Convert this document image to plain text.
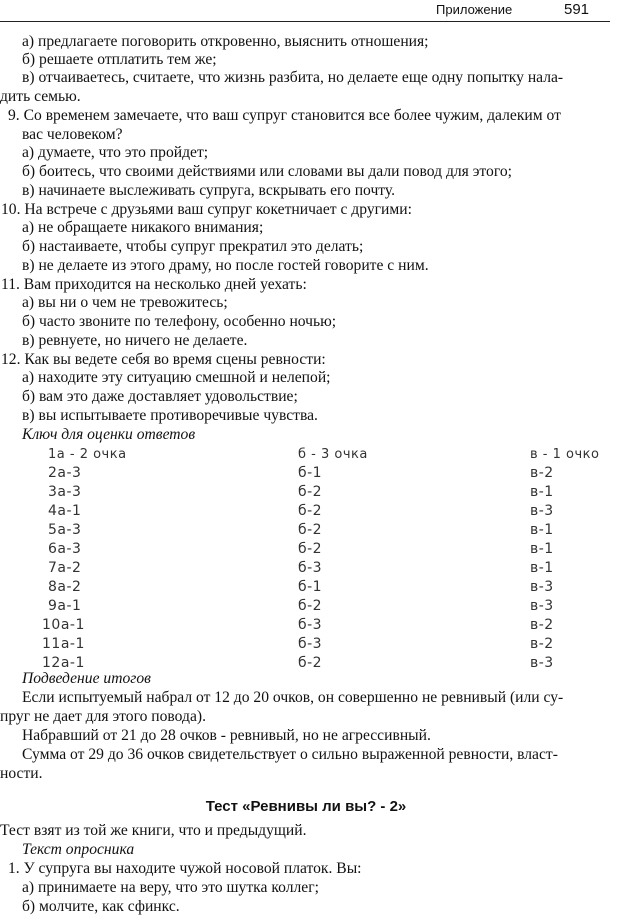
Приложение	591
а) предлагаете поговорить откровенно, выяснить отношения;
б) решаете отплатить тем же;
в) отчаиваетесь, считаете, что жизнь разбита, но делаете еще одну попытку нала-
дить семью.
9. Со временем замечаете, что ваш супруг становится все более чужим, далеким от
вас человеком?
а) думаете, что это пройдет;
б) боитесь, что своими действиями или словами вы дали повод для этого;
в) начинаете выслеживать супруга, вскрывать его почту.
10. На встрече с друзьями ваш супруг кокетничает с другими:
а) не обращаете никакого внимания;
б) настаиваете, чтобы супруг прекратил это делать;
в) не делаете из этого драму, но после гостей говорите с ним.
11. Вам приходится на несколько дней уехать:
а) вы ни о чем не тревожитесь;
б) часто звоните по телефону, особенно ночью;
в) ревнуете, но ничего не делаете.
12. Как вы ведете себя во время сцены ревности:
а) находите эту ситуацию смешной и нелепой;
б) вам это даже доставляет удовольствие;
в) вы испытываете противоречивые чувства.
Ключ для оценки ответов
1а - 2 очка	б - 3 очка	в - 1 очко
2а-3	б-1	в-2
3а-3	б-2	в-1
4а-1	б-2	в-3
5а-3	б-2	в-1
6а-3	б-2	в-1
7а-2	б-3	в-1
8а-2	б-1	в-3
9а-1	б-2	в-3
10а-1	б-3	в-2
11а-1	б-3	в-2
12а-1	б-2	в-3
Подведение итогов
Если испытуемый набрал от 12 до 20 очков, он совершенно не ревнивый (или су-
пруг не дает для этого повода).
Набравший от 21 до 28 очков - ревнивый, но не агрессивный.
Сумма от 29 до 36 очков свидетельствует о сильно выраженной ревности, власт-
ности.
Тест «Ревнивы ли вы? - 2»
Тест взят из той же книги, что и предыдущий.
Текст опросника
1. У супруга вы находите чужой носовой платок. Вы:
а) принимаете на веру, что это шутка коллег;
б) молчите, как сфинкс.
